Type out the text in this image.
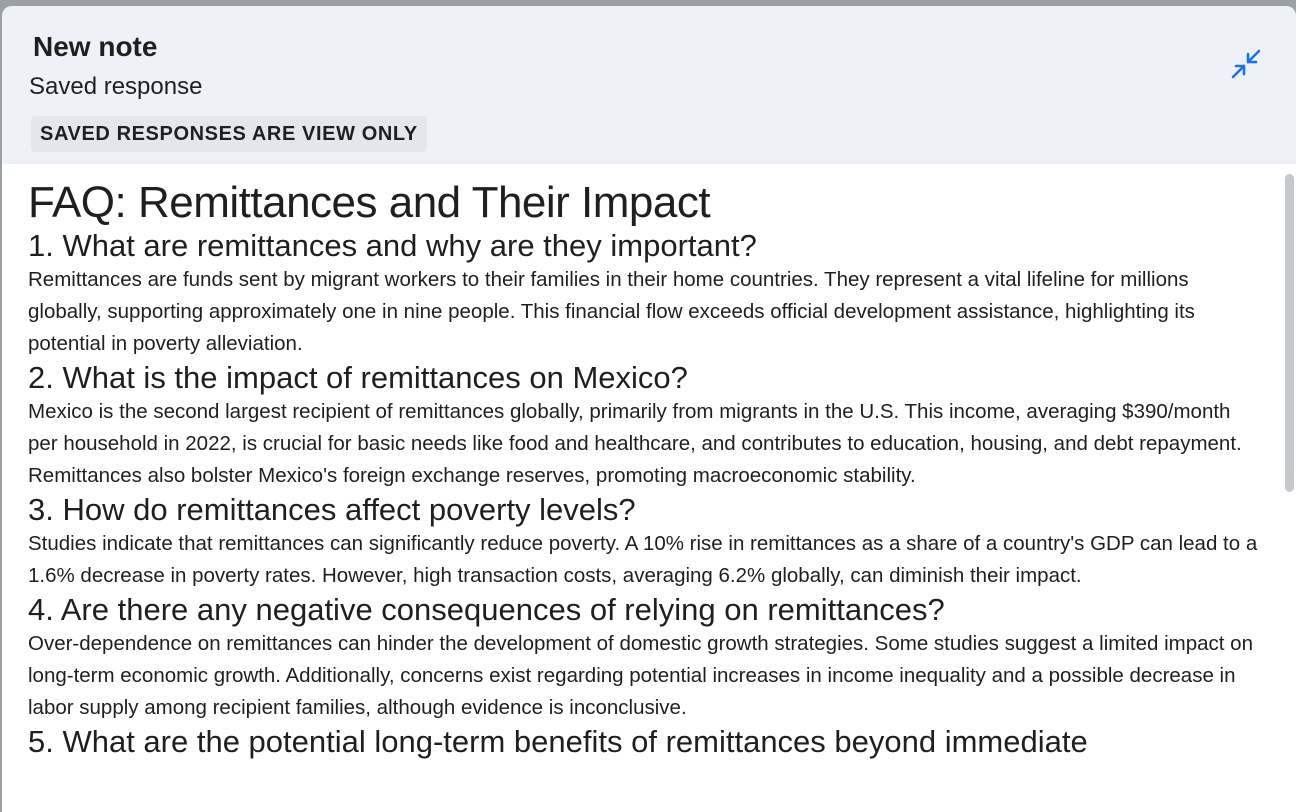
New note
Saved response
SAVED RESPONSES ARE VIEW ONLY
FAQ: Remittances and Their Impact
1. What are remittances and why are they important?

Remittances are funds sent by migrant workers to their families in their home countries. They represent a vital lifeline for millions globally, supporting approximately one in nine people. This financial flow exceeds official development assistance, highlighting its potential in poverty alleviation.

2. What is the impact of remittances on Mexico?

Mexico is the second largest recipient of remittances globally, primarily from migrants in the U.S. This income, averaging $390/month per household in 2022, is crucial for basic needs like food and healthcare, and contributes to education, housing, and debt repayment. Remittances also bolster Mexico's foreign exchange reserves, promoting macroeconomic stability.

3. How do remittances affect poverty levels?

Studies indicate that remittances can significantly reduce poverty. A 10% rise in remittances as a share of a country's GDP can lead to a 1.6% decrease in poverty rates. However, high transaction costs, averaging 6.2% globally, can diminish their impact.

4. Are there any negative consequences of relying on remittances?

Over-dependence on remittances can hinder the development of domestic growth strategies. Some studies suggest a limited impact on long-term economic growth. Additionally, concerns exist regarding potential increases in income inequality and a possible decrease in labor supply among recipient families, although evidence is inconclusive.

5. What are the potential long-term benefits of remittances beyond immediate
